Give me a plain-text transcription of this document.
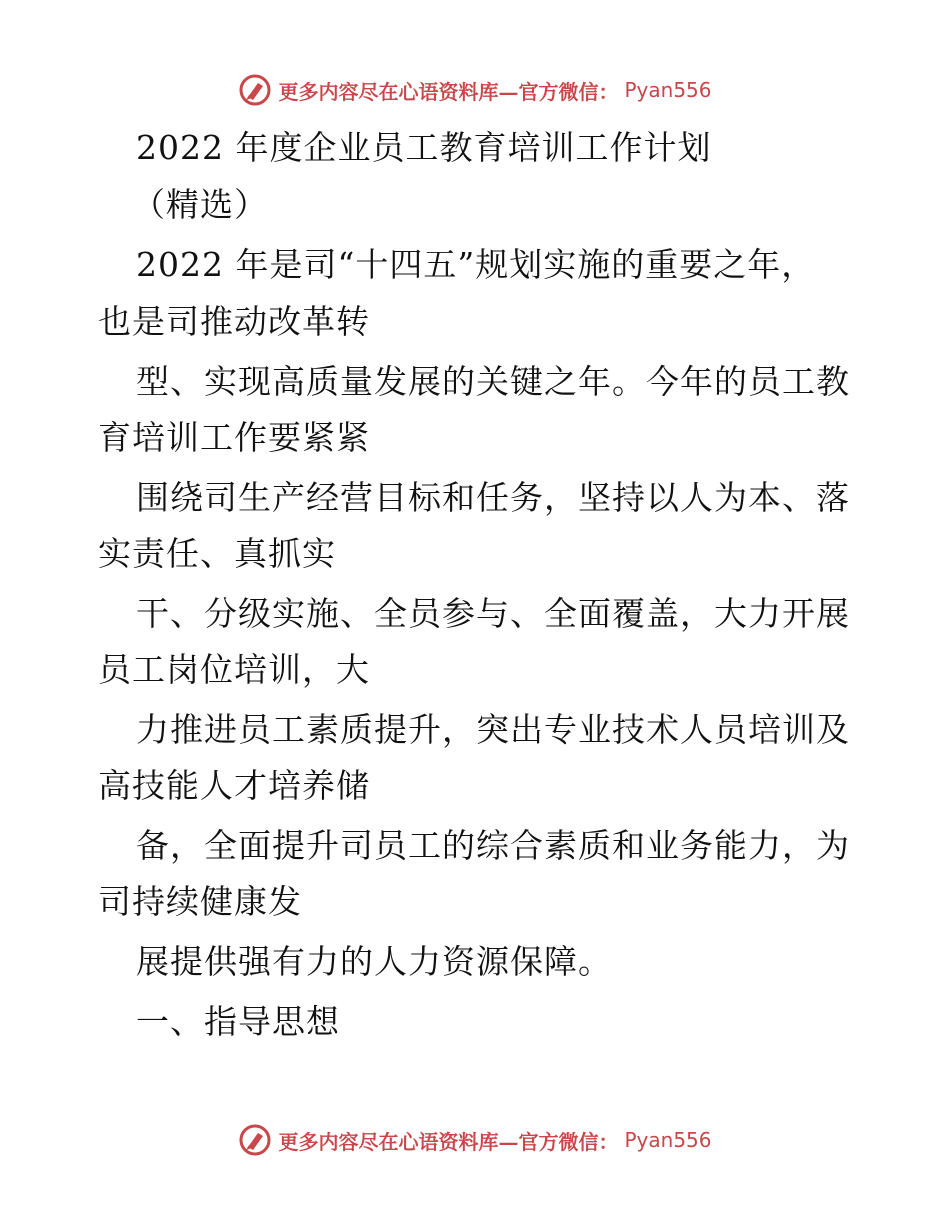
更多内容尽在心语资料库—官方微信： Pyan556
2022 年度企业员工教育培训工作计划
（精选）
2022 年是司“十四五”规划实施的重要之年，
也是司推动改革转
型、实现高质量发展的关键之年。今年的员工教
育培训工作要紧紧
围绕司生产经营目标和任务，坚持以人为本、落
实责任、真抓实
干、分级实施、全员参与、全面覆盖，大力开展
员工岗位培训，大
力推进员工素质提升，突出专业技术人员培训及
高技能人才培养储
备，全面提升司员工的综合素质和业务能力，为
司持续健康发
展提供强有力的人力资源保障。
一、指导思想
更多内容尽在心语资料库—官方微信： Pyan556
